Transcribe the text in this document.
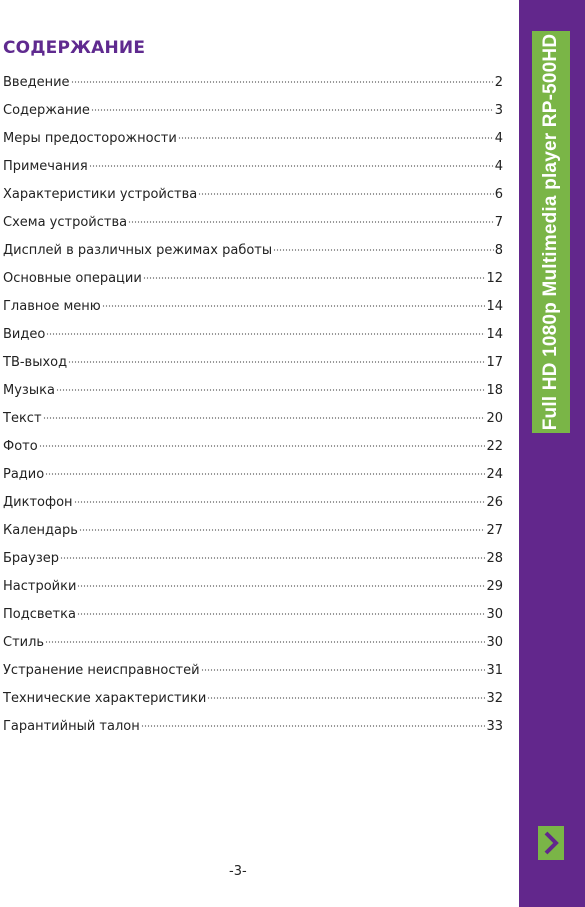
СОДЕРЖАНИЕ
Введение	2
Содержание	3
Меры предосторожности	4
Примечания	4
Характеристики устройства	6
Схема устройства	7
Дисплей в различных режимах работы	8
Основные операции	12
Главное меню	14
Видео	14
ТВ-выход	17
Музыка	18
Текст	20
Фото	22
Радио	24
Диктофон	26
Календарь	27
Браузер	28
Настройки	29
Подсветка	30
Стиль	30
Устранение неисправностей	31
Технические характеристики	32
Гарантийный талон	33
-3-
Full HD 1080p Multimedia player RP-500HD
